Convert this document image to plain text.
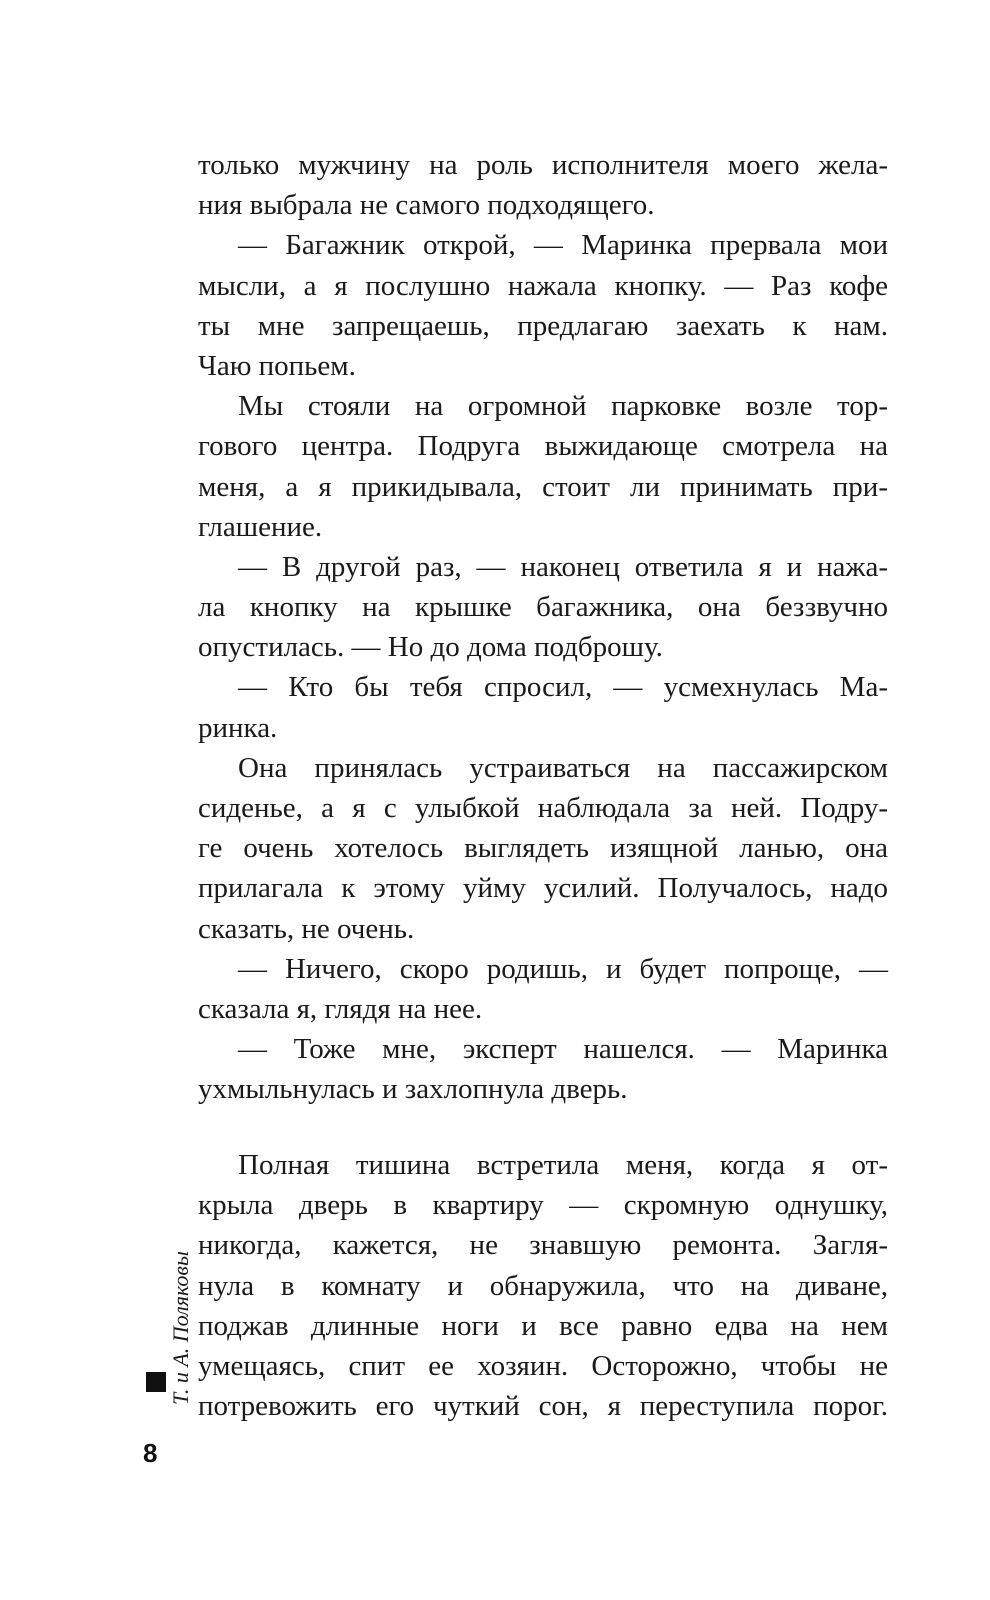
только мужчину на роль исполнителя моего жела-
ния выбрала не самого подходящего.
— Багажник открой, — Маринка прервала мои
мысли, а я послушно нажала кнопку. — Раз кофе
ты мне запрещаешь, предлагаю заехать к нам.
Чаю попьем.
Мы стояли на огромной парковке возле тор-
гового центра. Подруга выжидающе смотрела на
меня, а я прикидывала, стоит ли принимать при-
глашение.
— В другой раз, — наконец ответила я и нажа-
ла кнопку на крышке багажника, она беззвучно
опустилась. — Но до дома подброшу.
— Кто бы тебя спросил, — усмехнулась Ма-
ринка.
Она принялась устраиваться на пассажирском
сиденье, а я с улыбкой наблюдала за ней. Подру-
ге очень хотелось выглядеть изящной ланью, она
прилагала к этому уйму усилий. Получалось, надо
сказать, не очень.
— Ничего, скоро родишь, и будет попроще, —
сказала я, глядя на нее.
— Тоже мне, эксперт нашелся. — Маринка
ухмыльнулась и захлопнула дверь.
Полная тишина встретила меня, когда я от-
крыла дверь в квартиру — скромную однушку,
никогда, кажется, не знавшую ремонта. Загля-
нула в комнату и обнаружила, что на диване,
поджав длинные ноги и все равно едва на нем
умещаясь, спит ее хозяин. Осторожно, чтобы не
потревожить его чуткий сон, я переступила порог.
Т. и А. Поляковы
8
